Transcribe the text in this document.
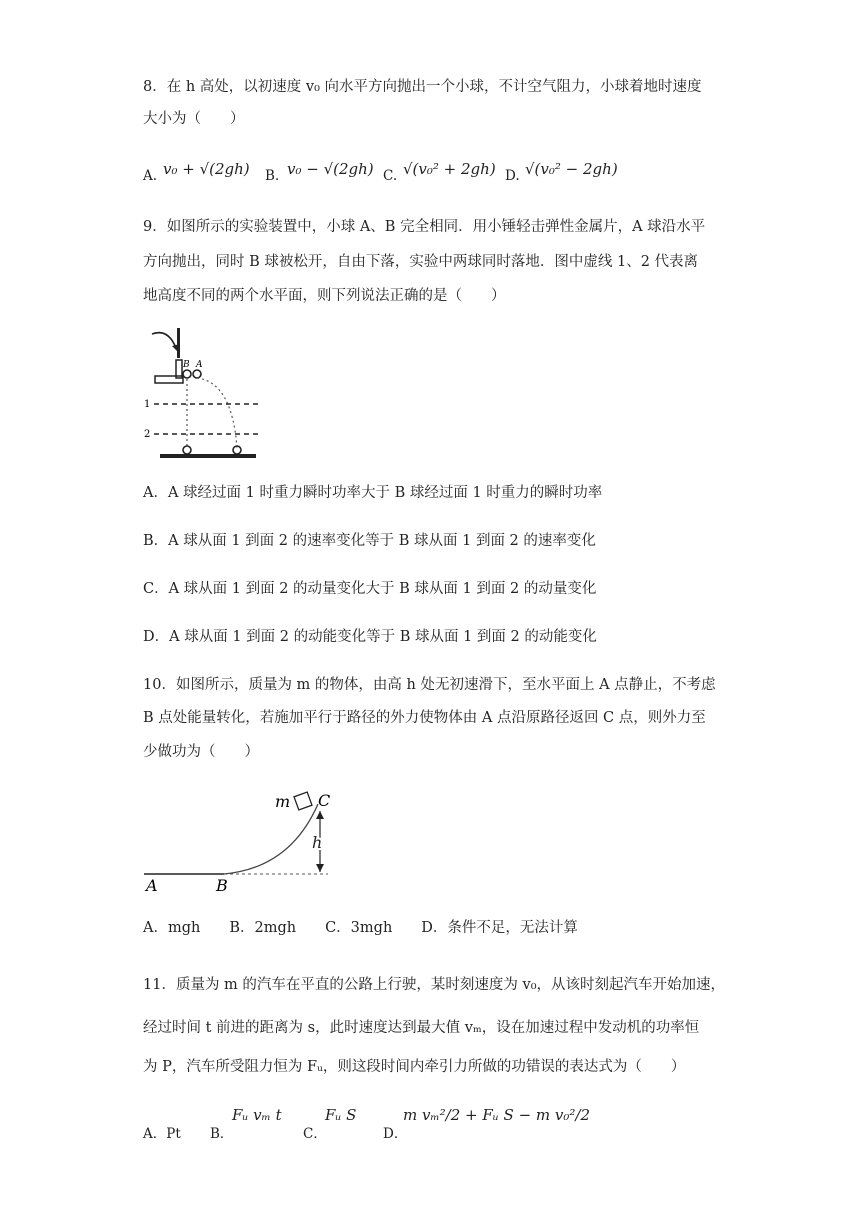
8．在 h 高处，以初速度 v₀ 向水平方向抛出一个小球，不计空气阻力，小球着地时速度
大小为（　　）
A. v₀ + √(2gh) B. v₀ − √(2gh) C. √(v₀² + 2gh) D. √(v₀² − 2gh)
9．如图所示的实验装置中，小球 A、B 完全相同．用小锤轻击弹性金属片，A 球沿水平
方向抛出，同时 B 球被松开，自由下落，实验中两球同时落地．图中虚线 1、2 代表离
地高度不同的两个水平面，则下列说法正确的是（　　）
B A
1
2
A．A 球经过面 1 时重力瞬时功率大于 B 球经过面 1 时重力的瞬时功率
B．A 球从面 1 到面 2 的速率变化等于 B 球从面 1 到面 2 的速率变化
C．A 球从面 1 到面 2 的动量变化大于 B 球从面 1 到面 2 的动量变化
D．A 球从面 1 到面 2 的动能变化等于 B 球从面 1 到面 2 的动能变化
10．如图所示，质量为 m 的物体，由高 h 处无初速滑下，至水平面上 A 点静止，不考虑
B 点处能量转化，若施加平行于路径的外力使物体由 A 点沿原路径返回 C 点，则外力至
少做功为（　　）
m C
h
A	B
A．mgh　　B．2mgh　　C．3mgh　　D．条件不足，无法计算
11．质量为 m 的汽车在平直的公路上行驶，某时刻速度为 v₀，从该时刻起汽车开始加速，
经过时间 t 前进的距离为 s，此时速度达到最大值 vₘ，设在加速过程中发动机的功率恒
为 P，汽车所受阻力恒为 Fᵤ，则这段时间内牵引力所做的功错误的表达式为（　　）
A．Pt B．
Fᵤ vₘ t
C．
Fᵤ S
D．
m vₘ²/2 + Fᵤ S − m v₀²/2
